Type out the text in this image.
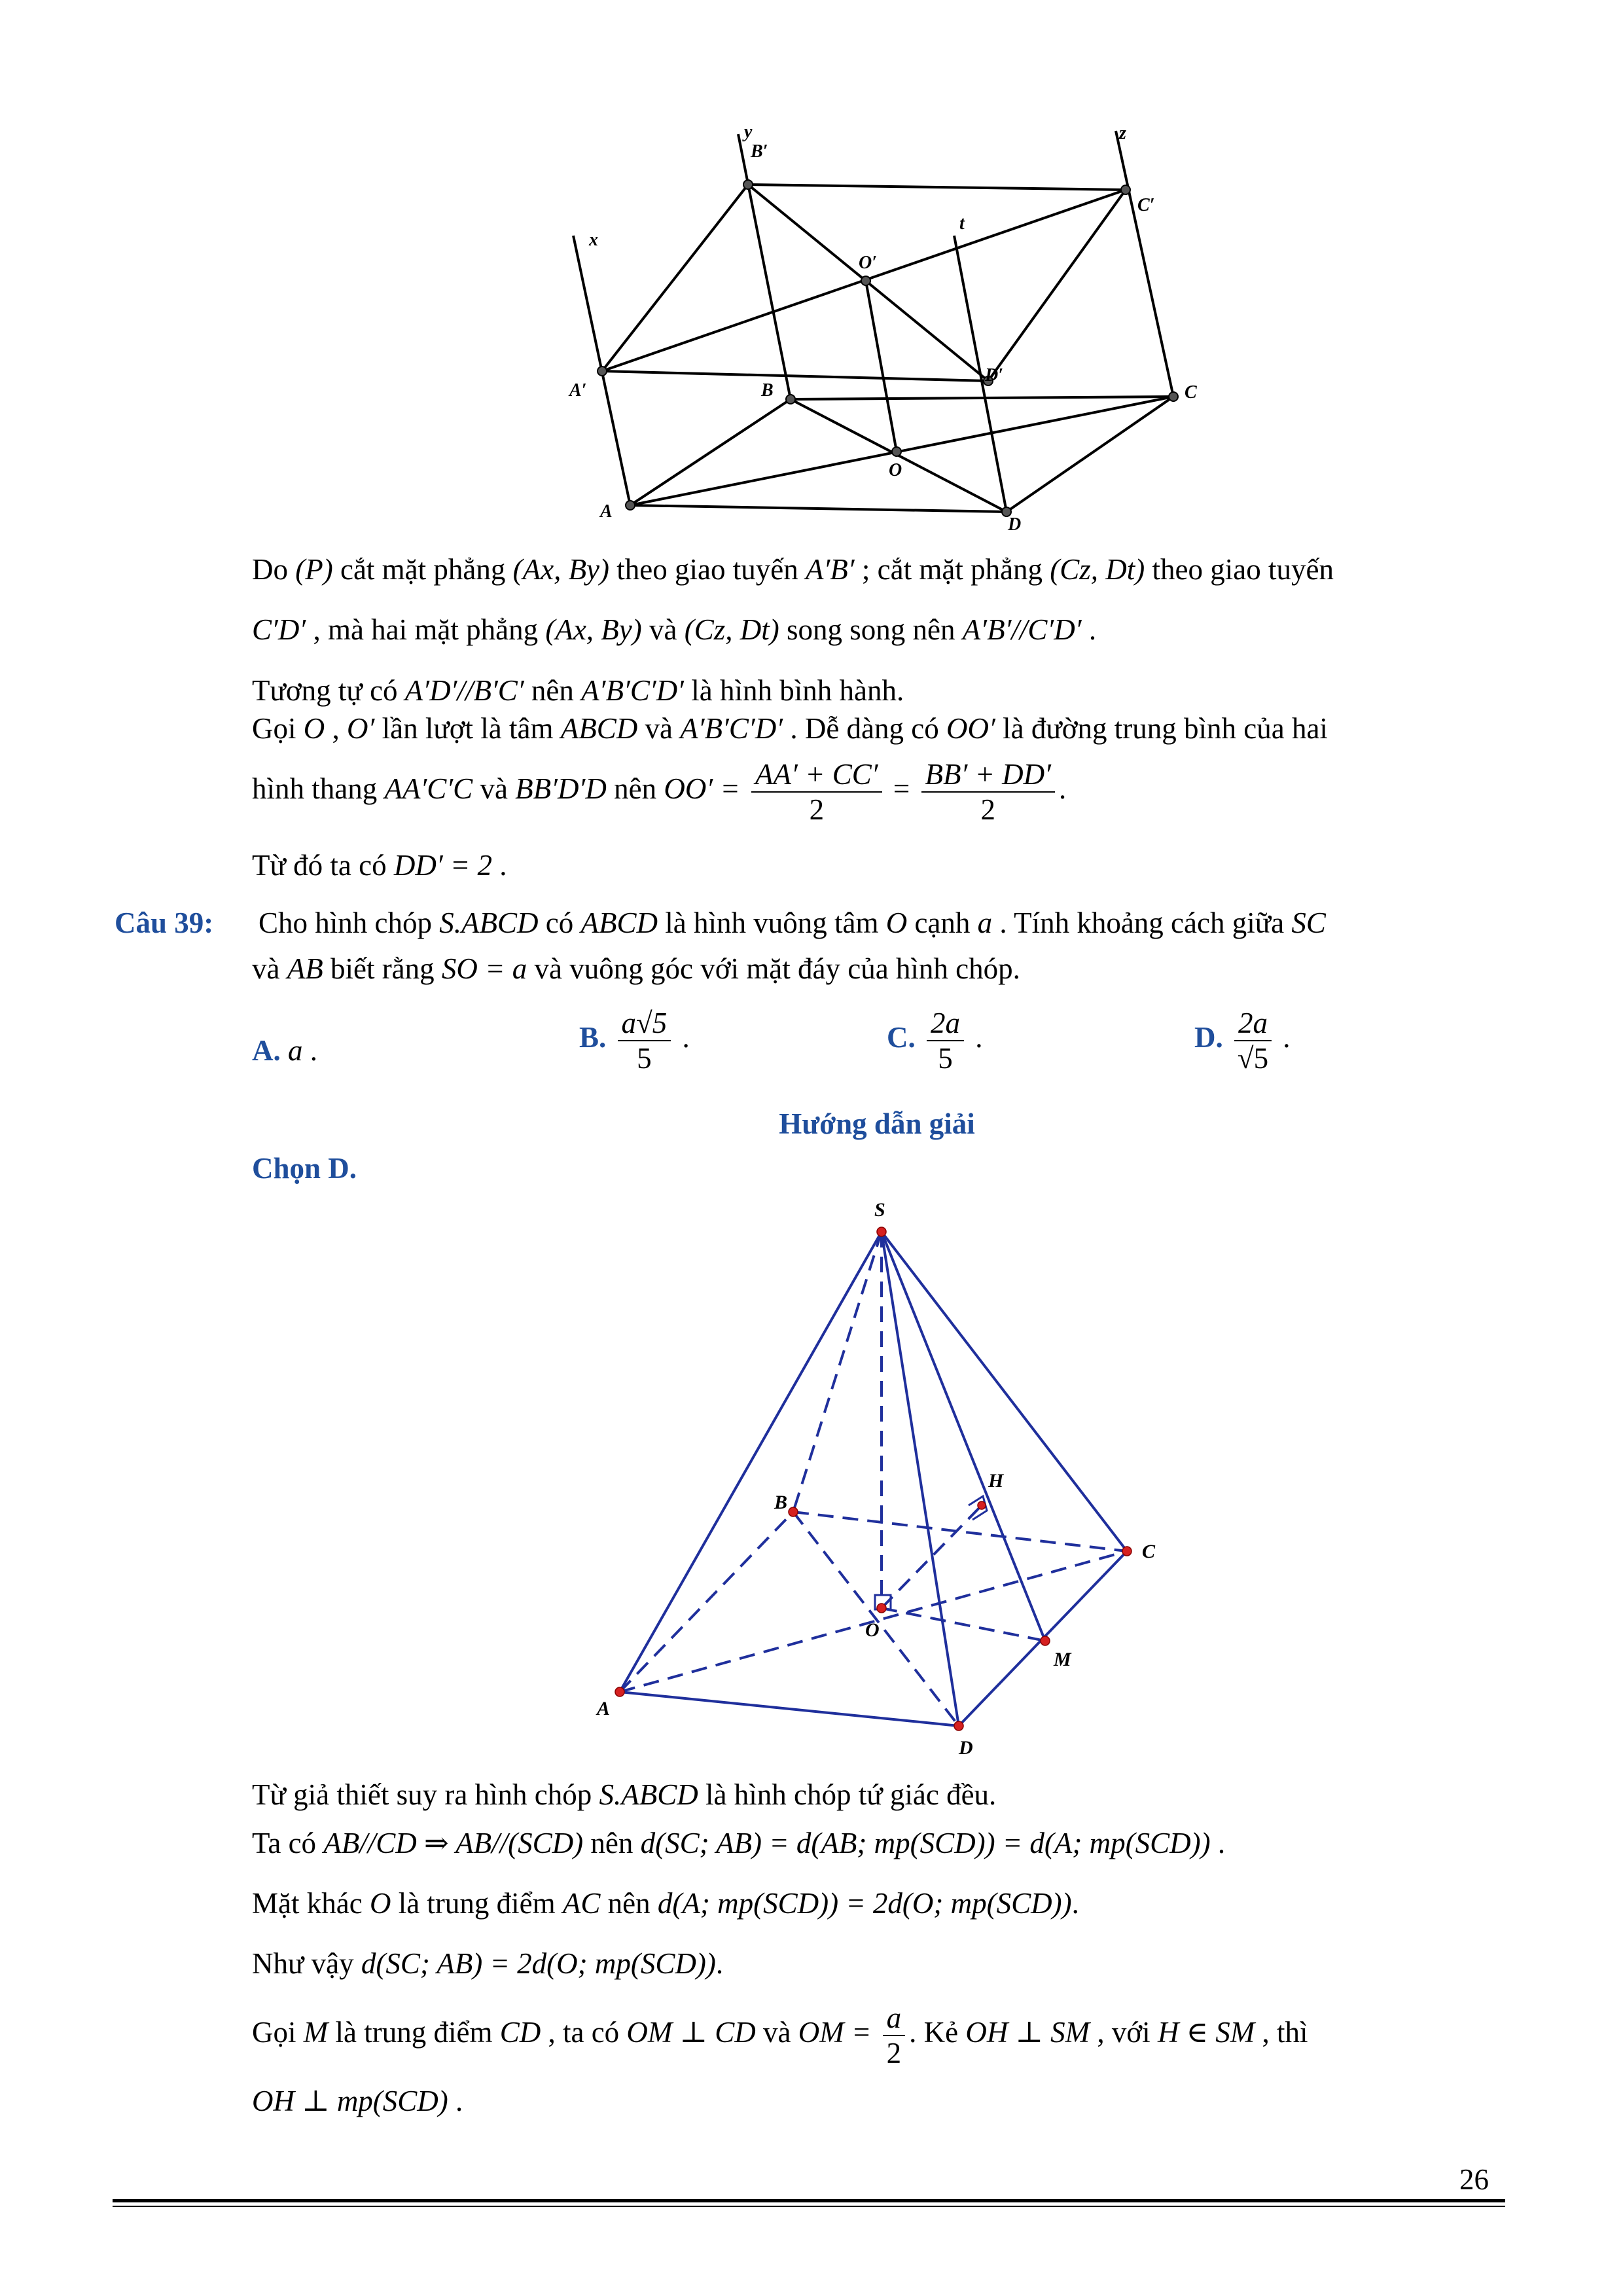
x
y	z
t
B′
C′
O′
A′
D′
B	C
O
A
D
Do (P) cắt mặt phẳng (Ax, By) theo giao tuyến A′B′ ; cắt mặt phẳng (Cz, Dt) theo giao tuyến
C′D′ , mà hai mặt phẳng (Ax, By) và (Cz, Dt) song song nên A′B′//C′D′ .
Tương tự có A′D′//B′C′ nên A′B′C′D′ là hình bình hành.
Gọi O , O′ lần lượt là tâm ABCD và A′B′C′D′ . Dễ dàng có OO′ là đường trung bình của hai
hình thang AA′C′C và BB′D′D nên $OO' = \frac{AA' + CC'}{2} = \frac{BB' + DD'}{2}$ .
Từ đó ta có DD′ = 2 .
Câu 39: Cho hình chóp S.ABCD có ABCD là hình vuông tâm O cạnh a . Tính khoảng cách giữa SC
và AB biết rằng SO = a và vuông góc với mặt đáy của hình chóp.
A. a .	B. $\frac{a√5}{5}$ .	C. $\frac{2a}{5}$ .	D. $\frac{2a}{√5}$ .
Hướng dẫn giải
Chọn D.
S
H
B
C
O
M
A
D
Từ giả thiết suy ra hình chóp S.ABCD là hình chóp tứ giác đều.
Ta có AB//CD ⇒ AB//(SCD) nên d(SC; AB) = d(AB; mp(SCD)) = d(A; mp(SCD)) .
Mặt khác O là trung điểm AC nên d(A; mp(SCD)) = 2d(O; mp(SCD)).
Như vậy d(SC; AB) = 2d(O; mp(SCD)).
Gọi M là trung điểm CD , ta có OM ⊥ CD và OM = $\frac{a}{2}$ . Kẻ OH ⊥ SM , với H ∈ SM , thì
OH ⊥ mp(SCD) .
26
